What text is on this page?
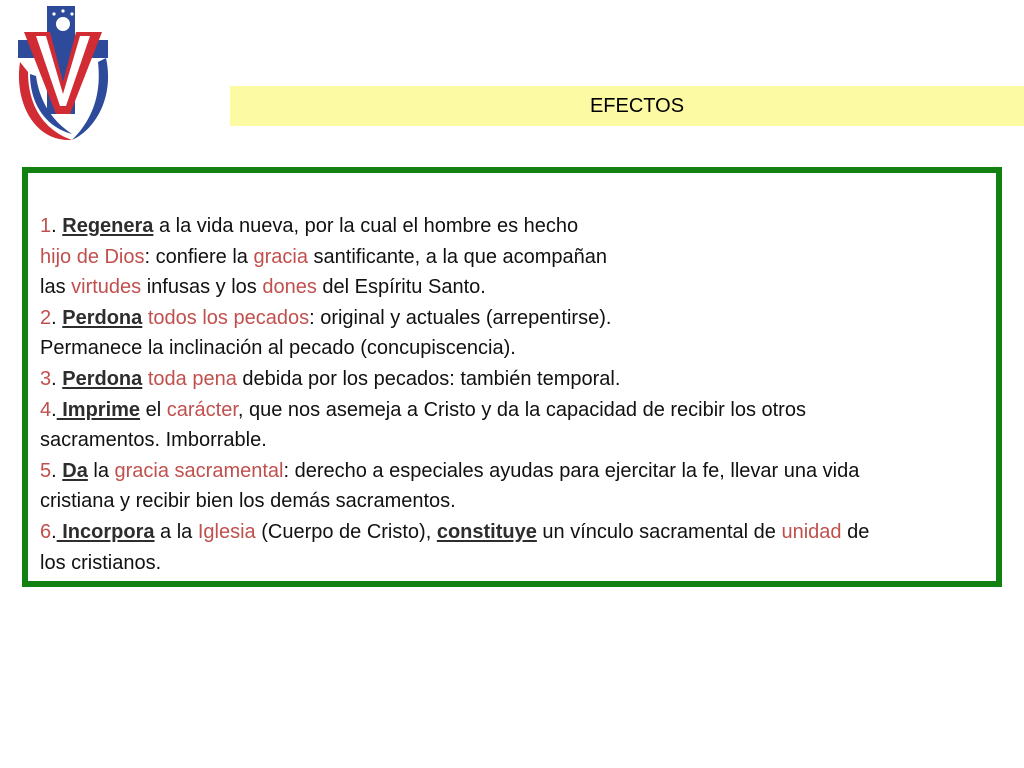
EFECTOS
1. Regenera a la vida nueva, por la cual el hombre es hecho
hijo de Dios: confiere la gracia santificante, a la que acompañan
las virtudes infusas y los dones del Espíritu Santo.
2. Perdona todos los pecados: original y actuales (arrepentirse).
Permanece la inclinación al pecado (concupiscencia).
3. Perdona toda pena debida por los pecados: también temporal.
4. Imprime el carácter, que nos asemeja a Cristo y da la capacidad de recibir los otros
sacramentos. Imborrable.
5. Da la gracia sacramental: derecho a especiales ayudas para ejercitar la fe, llevar una vida
cristiana y recibir bien los demás sacramentos.
6. Incorpora a la Iglesia (Cuerpo de Cristo), constituye un vínculo sacramental de unidad de
los cristianos.
